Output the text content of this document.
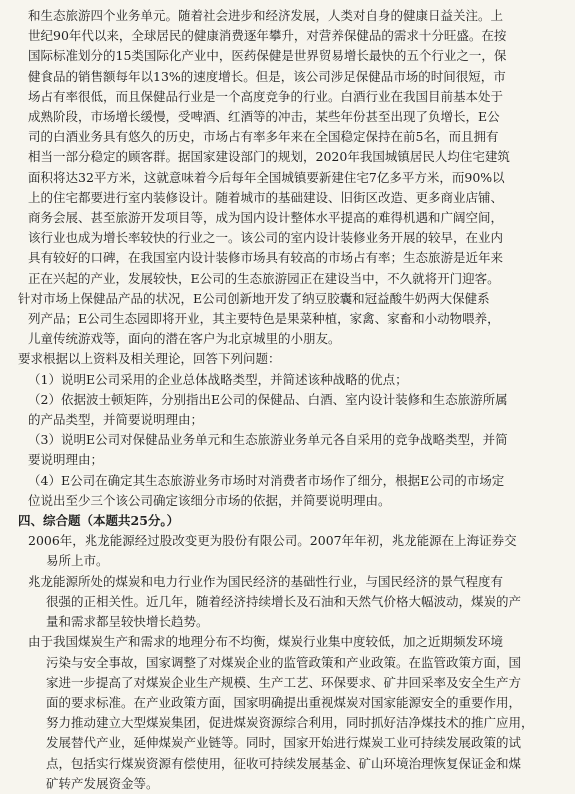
和生态旅游四个业务单元。随着社会进步和经济发展，人类对自身的健康日益关注。上
世纪90年代以来，全球居民的健康消费逐年攀升，对营养保健品的需求十分旺盛。在按
国际标准划分的15类国际化产业中，医药保健是世界贸易增长最快的五个行业之一，保
健食品的销售额每年以13%的速度增长。但是，该公司涉足保健品市场的时间很短，市
场占有率很低，而且保健品行业是一个高度竞争的行业。白酒行业在我国目前基本处于
成熟阶段，市场增长缓慢，受啤酒、红酒等的冲击，某些年份甚至出现了负增长，E公
司的白酒业务具有悠久的历史，市场占有率多年来在全国稳定保持在前5名，而且拥有
相当一部分稳定的顾客群。据国家建设部门的规划，2020年我国城镇居民人均住宅建筑
面积将达32平方米，这就意味着今后每年全国城镇要新建住宅7亿多平方米，而90%以
上的住宅都要进行室内装修设计。随着城市的基础建设、旧街区改造、更多商业店铺、
商务会展、甚至旅游开发项目等，成为国内设计整体水平提高的难得机遇和广阔空间，
该行业也成为增长率较快的行业之一。该公司的室内设计装修业务开展的较早，在业内
具有较好的口碑，在我国室内设计装修市场具有较高的市场占有率；生态旅游是近年来
正在兴起的产业，发展较快，E公司的生态旅游园正在建设当中，不久就将开门迎客。
针对市场上保健品产品的状况，E公司创新地开发了纳豆胶囊和冠益酸牛奶两大保健系
列产品；E公司生态园即将开业，其主要特色是果菜种植，家禽、家畜和小动物喂养，
儿童传统游戏等，面向的潜在客户为北京城里的小朋友。
要求根据以上资料及相关理论，回答下列问题：
（1）说明E公司采用的企业总体战略类型，并简述该种战略的优点；
（2）依据波士顿矩阵，分别指出E公司的保健品、白酒、室内设计装修和生态旅游所属
的产品类型，并简要说明理由；
（3）说明E公司对保健品业务单元和生态旅游业务单元各自采用的竞争战略类型，并简
要说明理由；
（4）E公司在确定其生态旅游业务市场时对消费者市场作了细分，根据E公司的市场定
位说出至少三个该公司确定该细分市场的依据，并简要说明理由。
四、综合题（本题共25分。）
2006年，兆龙能源经过股改变更为股份有限公司。2007年年初，兆龙能源在上海证券交
易所上市。
兆龙能源所处的煤炭和电力行业作为国民经济的基础性行业，与国民经济的景气程度有
很强的正相关性。近几年，随着经济持续增长及石油和天然气价格大幅波动，煤炭的产
量和需求都呈较快增长趋势。
由于我国煤炭生产和需求的地理分布不均衡，煤炭行业集中度较低，加之近期频发环境
污染与安全事故，国家调整了对煤炭企业的监管政策和产业政策。在监管政策方面，国
家进一步提高了对煤炭企业生产规模、生产工艺、环保要求、矿井回采率及安全生产方
面的要求标准。在产业政策方面，国家明确提出重视煤炭对国家能源安全的重要作用，
努力推动建立大型煤炭集团，促进煤炭资源综合利用，同时抓好洁净煤技术的推广应用，
发展替代产业，延伸煤炭产业链等。同时，国家开始进行煤炭工业可持续发展政策的试
点，包括实行煤炭资源有偿使用，征收可持续发展基金、矿山环境治理恢复保证金和煤
矿转产发展资金等。
